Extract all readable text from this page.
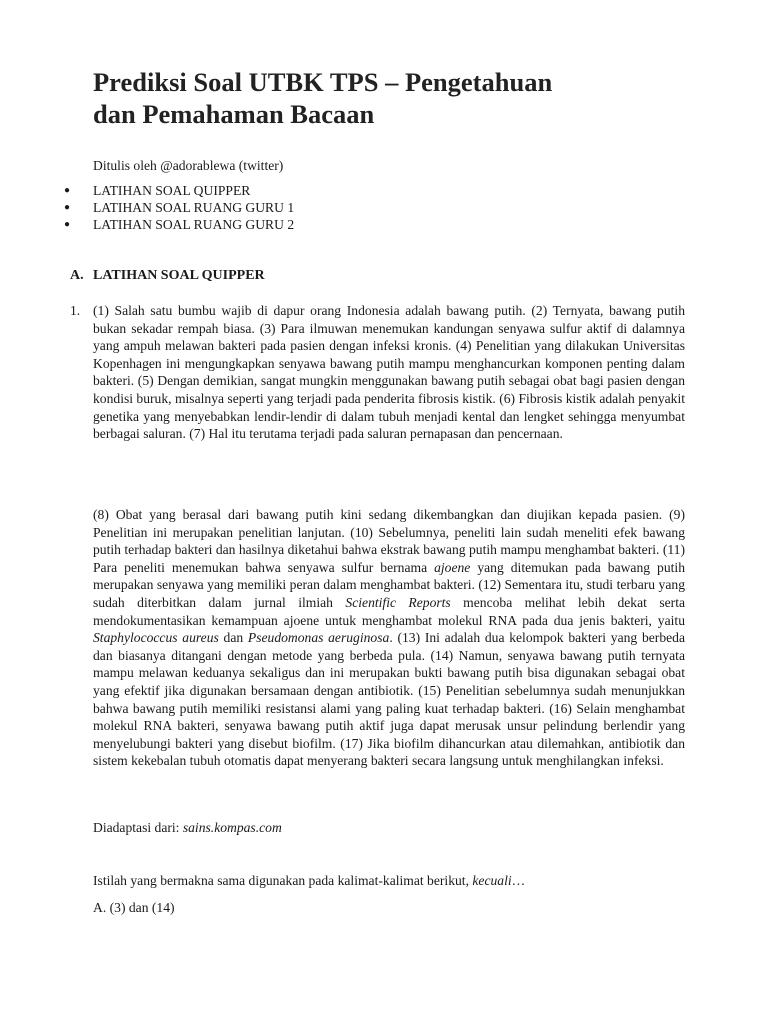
Prediksi Soal UTBK TPS – Pengetahuan
dan Pemahaman Bacaan
Ditulis oleh @adorablewa (twitter)
●	LATIHAN SOAL QUIPPER
●	LATIHAN SOAL RUANG GURU 1
●	LATIHAN SOAL RUANG GURU 2
A. LATIHAN SOAL QUIPPER
1. (1) Salah satu bumbu wajib di dapur orang Indonesia adalah bawang putih. (2) Ternyata, bawang putih bukan sekadar rempah biasa. (3) Para ilmuwan menemukan kandungan senyawa sulfur aktif di dalamnya yang ampuh melawan bakteri pada pasien dengan infeksi kronis. (4) Penelitian yang dilakukan Universitas Kopenhagen ini mengungkapkan senyawa bawang putih mampu menghancurkan komponen penting dalam bakteri. (5) Dengan demikian, sangat mungkin menggunakan bawang putih sebagai obat bagi pasien dengan kondisi buruk, misalnya seperti yang terjadi pada penderita fibrosis kistik. (6) Fibrosis kistik adalah penyakit genetika yang menyebabkan lendir-lendir di dalam tubuh menjadi kental dan lengket sehingga menyumbat berbagai saluran. (7) Hal itu terutama terjadi pada saluran pernapasan dan pencernaan.

(8) Obat yang berasal dari bawang putih kini sedang dikembangkan dan diujikan kepada pasien. (9) Penelitian ini merupakan penelitian lanjutan. (10) Sebelumnya, peneliti lain sudah meneliti efek bawang putih terhadap bakteri dan hasilnya diketahui bahwa ekstrak bawang putih mampu menghambat bakteri. (11) Para peneliti menemukan bahwa senyawa sulfur bernama ajoene yang ditemukan pada bawang putih merupakan senyawa yang memiliki peran dalam menghambat bakteri. (12) Sementara itu, studi terbaru yang sudah diterbitkan dalam jurnal ilmiah Scientific Reports mencoba melihat lebih dekat serta mendokumentasikan kemampuan ajoene untuk menghambat molekul RNA pada dua jenis bakteri, yaitu Staphylococcus aureus dan Pseudomonas aeruginosa. (13) Ini adalah dua kelompok bakteri yang berbeda dan biasanya ditangani dengan metode yang berbeda pula. (14) Namun, senyawa bawang putih ternyata mampu melawan keduanya sekaligus dan ini merupakan bukti bawang putih bisa digunakan sebagai obat yang efektif jika digunakan bersamaan dengan antibiotik. (15) Penelitian sebelumnya sudah menunjukkan bahwa bawang putih memiliki resistansi alami yang paling kuat terhadap bakteri. (16) Selain menghambat molekul RNA bakteri, senyawa bawang putih aktif juga dapat merusak unsur pelindung berlendir yang menyelubungi bakteri yang disebut biofilm. (17) Jika biofilm dihancurkan atau dilemahkan, antibiotik dan sistem kekebalan tubuh otomatis dapat menyerang bakteri secara langsung untuk menghilangkan infeksi.

Diadaptasi dari: sains.kompas.com
Istilah yang bermakna sama digunakan pada kalimat-kalimat berikut, kecuali…
A. (3) dan (14)
